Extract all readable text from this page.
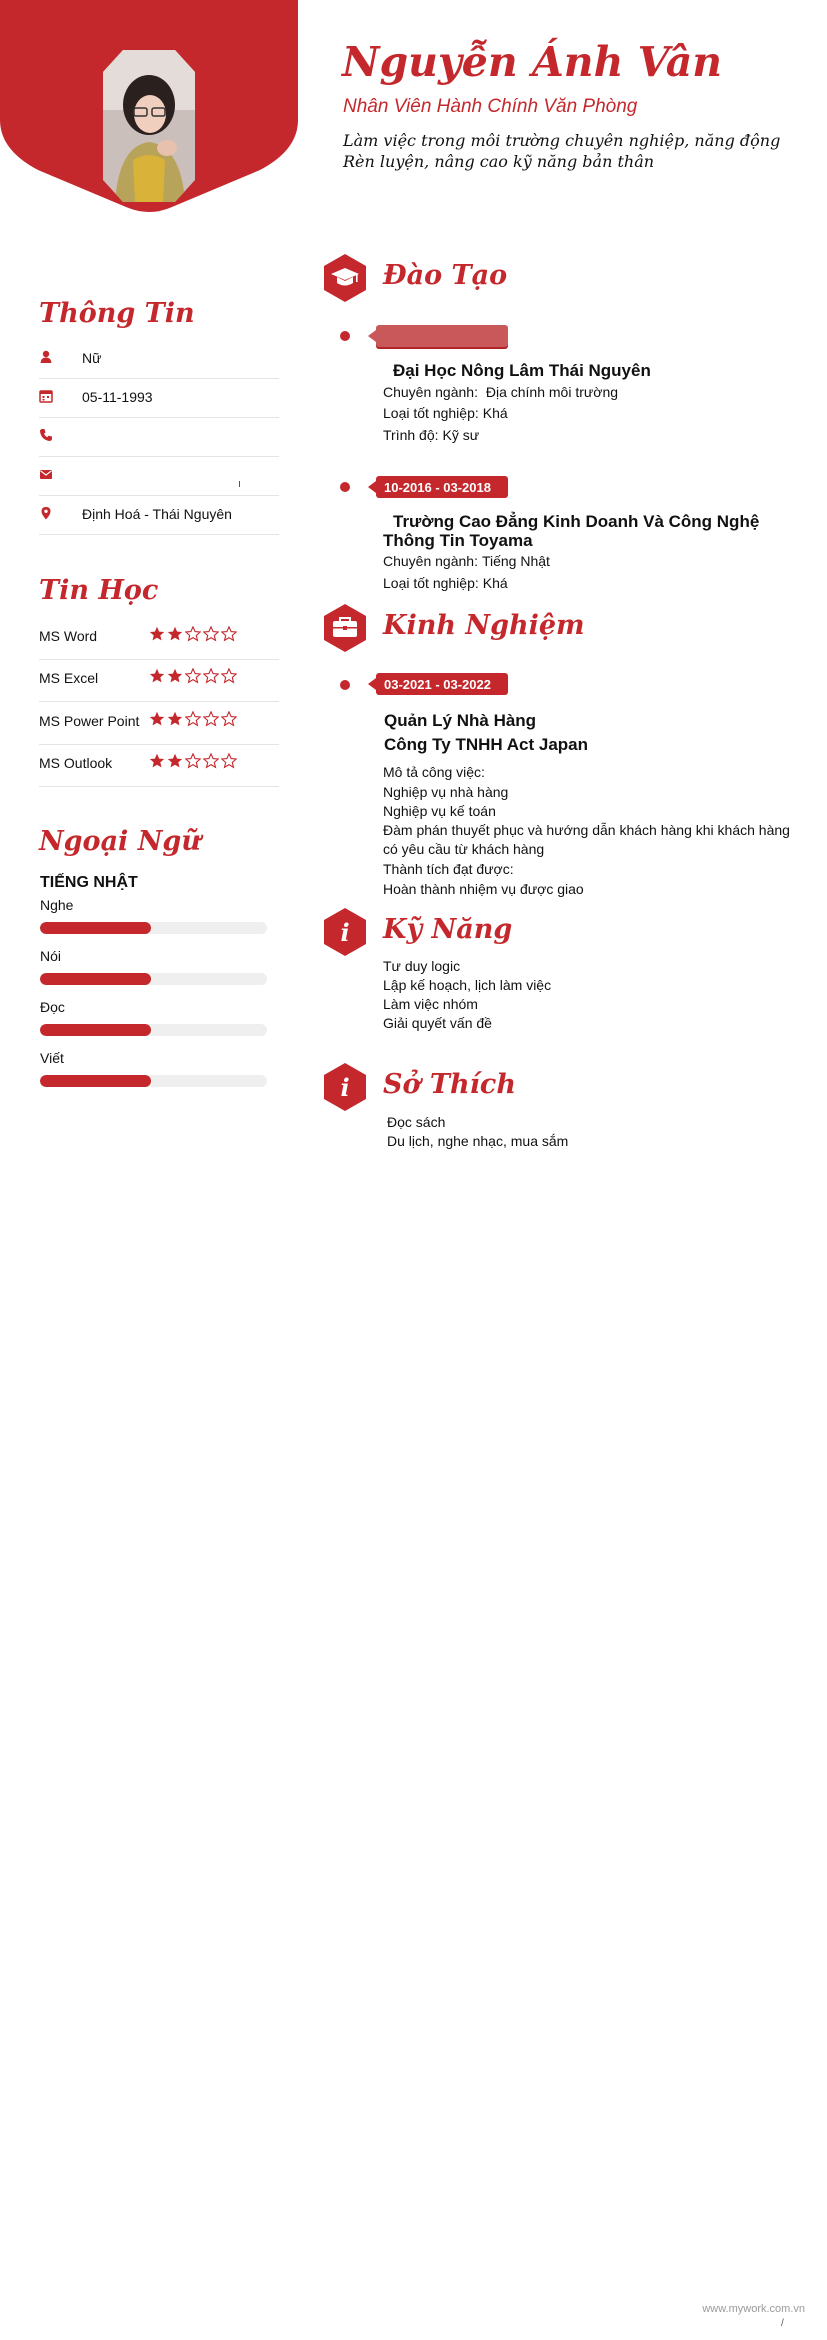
Nguyễn Ánh Vân
Nhân Viên Hành Chính Văn Phòng
Làm việc trong môi trường chuyên nghiệp, năng động
Rèn luyện, nâng cao kỹ năng bản thân
Thông Tin
Nữ
05-11-1993
Định Hoá - Thái Nguyên
Tin Học
MS Word
MS Excel
MS Power Point
MS Outlook
Ngoại Ngữ
TIẾNG NHẬT
Nghe
Nói
Đọc
Viết
Đào Tạo
Đại Học Nông Lâm Thái Nguyên
Chuyên ngành: Địa chính môi trường
Loại tốt nghiệp: Khá
Trình độ: Kỹ sư
10-2016 - 03-2018
Trường Cao Đẳng Kinh Doanh Và Công Nghệ
Thông Tin Toyama
Chuyên ngành: Tiếng Nhật
Loại tốt nghiệp: Khá
Kinh Nghiệm
03-2021 - 03-2022
Quản Lý Nhà Hàng
Công Ty TNHH Act Japan
Mô tả công việc:
Nghiệp vụ nhà hàng
Nghiệp vụ kế toán
Đàm phán thuyết phục và hướng dẫn khách hàng khi khách hàng
có yêu cầu từ khách hàng
Thành tích đạt được:
Hoàn thành nhiệm vụ được giao
i Kỹ Năng
Tư duy logic
Lập kế hoạch, lịch làm việc
Làm việc nhóm
Giải quyết vấn đề
i Sở Thích
Đọc sách
Du lịch, nghe nhạc, mua sắm
www.mywork.com.vn
/
